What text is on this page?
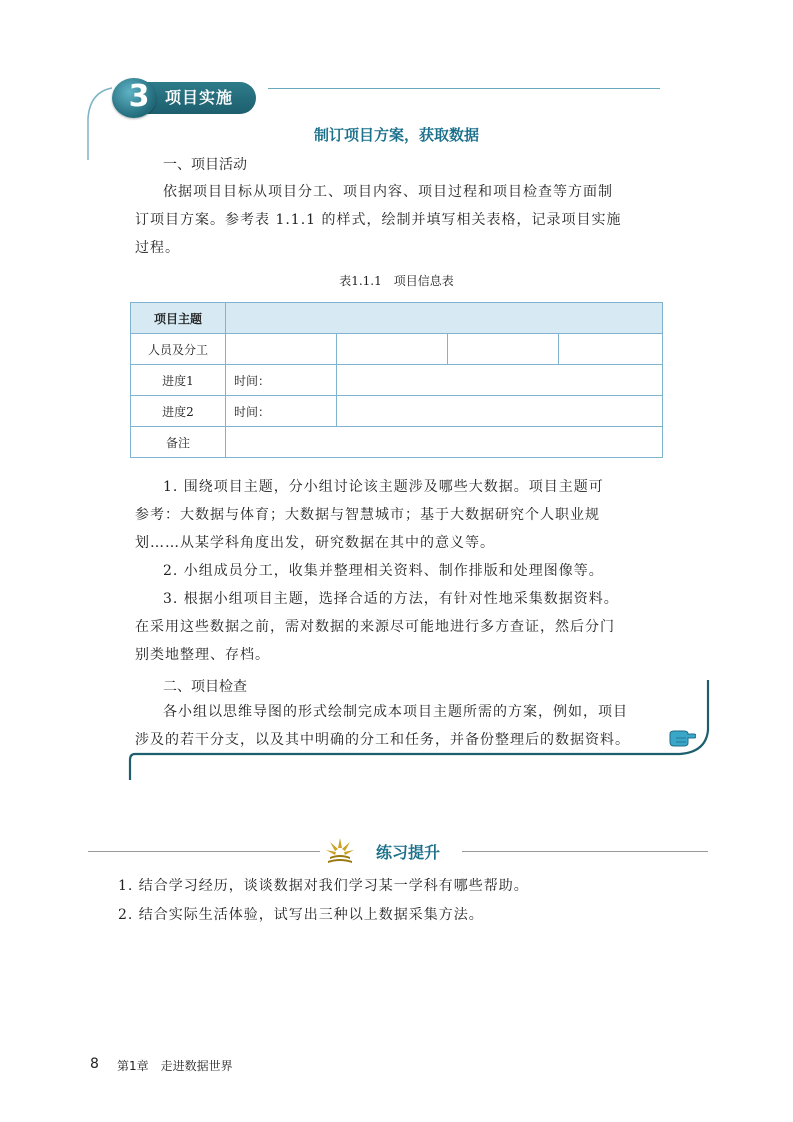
3 项目实施
制订项目方案，获取数据
一、项目活动
依据项目目标从项目分工、项目内容、项目过程和项目检查等方面制
订项目方案。参考表 1.1.1 的样式，绘制并填写相关表格，记录项目实施
过程。
表1.1.1　项目信息表
项目主题				
人员及分工				
进度1	时间：			
进度2	时间：			
备注				
1. 围绕项目主题，分小组讨论该主题涉及哪些大数据。项目主题可
参考：大数据与体育；大数据与智慧城市；基于大数据研究个人职业规
划……从某学科角度出发，研究数据在其中的意义等。
2. 小组成员分工，收集并整理相关资料、制作排版和处理图像等。
3. 根据小组项目主题，选择合适的方法，有针对性地采集数据资料。
在采用这些数据之前，需对数据的来源尽可能地进行多方查证，然后分门
别类地整理、存档。
二、项目检查
各小组以思维导图的形式绘制完成本项目主题所需的方案，例如，项目
涉及的若干分支，以及其中明确的分工和任务，并备份整理后的数据资料。
练习提升
1. 结合学习经历，谈谈数据对我们学习某一学科有哪些帮助。
2. 结合实际生活体验，试写出三种以上数据采集方法。
8 第1章　走进数据世界
